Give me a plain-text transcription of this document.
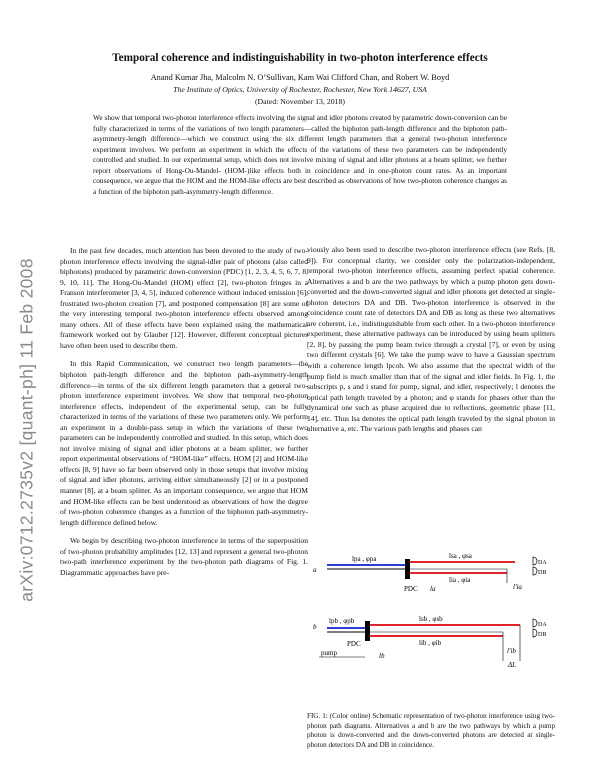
arXiv:0712.2735v2 [quant-ph] 11 Feb 2008
Temporal coherence and indistinguishability in two-photon interference effects
Anand Kumar Jha, Malcolm N. O’Sullivan, Kam Wai Clifford Chan, and Robert W. Boyd
The Institute of Optics, University of Rochester, Rochester, New York 14627, USA
(Dated: November 13, 2018)
We show that temporal two-photon interference effects involving the signal and idler photons created by parametric down-conversion can be fully characterized in terms of the variations of two length parameters—called the biphoton path-length difference and the biphoton path-asymmetry-length difference—which we construct using the six different length parameters that a general two-photon interference experiment involves. We perform an experiment in which the effects of the variations of these two parameters can be independently controlled and studied. In our experimental setup, which does not involve mixing of signal and idler photons at a beam splitter, we further report observations of Hong-Ou-Mandel- (HOM-)like effects both in coincidence and in one-photon count rates. As an important consequence, we argue that the HOM and the HOM-like effects are best described as observations of how two-photon coherence changes as a function of the biphoton path-asymmetry-length difference.

In the past few decades, much attention has been devoted to the study of two-photon interference effects involving the signal-idler pair of photons (also called biphotons) produced by parametric down-conversion (PDC) [1, 2, 3, 4, 5, 6, 7, 8, 9, 10, 11]. The Hong-Ou-Mandel (HOM) effect [2], two-photon fringes in a Franson interferometer [3, 4, 5], induced coherence without induced emission [6], frustrated two-photon creation [7], and postponed compensation [8] are some of the very interesting temporal two-photon interference effects observed among many others. All of these effects have been explained using the mathematical framework worked out by Glauber [12]. However, different conceptual pictures have often been used to describe them.

In this Rapid Communication, we construct two length parameters—the biphoton path-length difference and the biphoton path-asymmetry-length difference—in terms of the six different length parameters that a general two-photon interference experiment involves. We show that temporal two-photon interference effects, independent of the experimental setup, can be fully characterized in terms of the variations of these two parameters only. We perform an experiment in a double-pass setup in which the variations of these two parameters can be independently controlled and studied. In this setup, which does not involve mixing of signal and idler photons at a beam splitter, we further report experimental observations of “HOM-like” effects. HOM [2] and HOM-like effects [8, 9] have so far been observed only in those setups that involve mixing of signal and idler photons, arriving either simultaneously [2] or in a postponed manner [8], at a beam splitter. As an important consequence, we argue that HOM and HOM-like effects can be best understood as observations of how the degree of two-photon coherence changes as a function of the biphoton path-asymmetry-length difference defined below.

We begin by describing two-photon interference in terms of the superposition of two-photon probability amplitudes [12, 13] and represent a general two-photon two-path interference experiment by the two-photon path diagrams of Fig. 1. Diagrammatic approaches have pre-

viously also been used to describe two-photon interference effects (see Refs. [8, 9]). For conceptual clarity, we consider only the polarization-independent, temporal two-photon interference effects, assuming perfect spatial coherence. Alternatives a and b are the two pathways by which a pump photon gets down-converted and the down-converted signal and idler photons get detected at single-photon detectors DA and DB. Two-photon interference is observed in the coincidence count rate of detectors DA and DB as long as these two alternatives are coherent, i.e., indistinguishable from each other. In a two-photon interference experiment, these alternative pathways can be introduced by using beam splitters [2, 8], by passing the pump beam twice through a crystal [7], or even by using two different crystals [6]. We take the pump wave to have a Gaussian spectrum with a coherence length lpcoh. We also assume that the spectral width of the pump field is much smaller than that of the signal and idler fields. In Fig. 1, the subscripts p, s and i stand for pump, signal, and idler, respectively; l denotes the optical path length traveled by a photon; and φ stands for phases other than the dynamical one such as phase acquired due to reflections, geometric phase [11, 14], etc. Thus lsa denotes the optical path length traveled by the signal photon in alternative a, etc. The various path lengths and phases can

a
lpa , φpa	lsa , φsa
lia , φia
PDC la	l′ia
DA
DB
b
lpb , φpb	lsb , φsb
lib , φib
PDC
lb
l′ib
ΔL
pump
DA
DB
FIG. 1: (Color online) Schematic representation of two-photon interference using two-photon path diagrams. Alternatives a and b are the two pathways by which a pump photon is down-converted and the down-converted photons are detected at single-photon detectors DA and DB in coincidence.
